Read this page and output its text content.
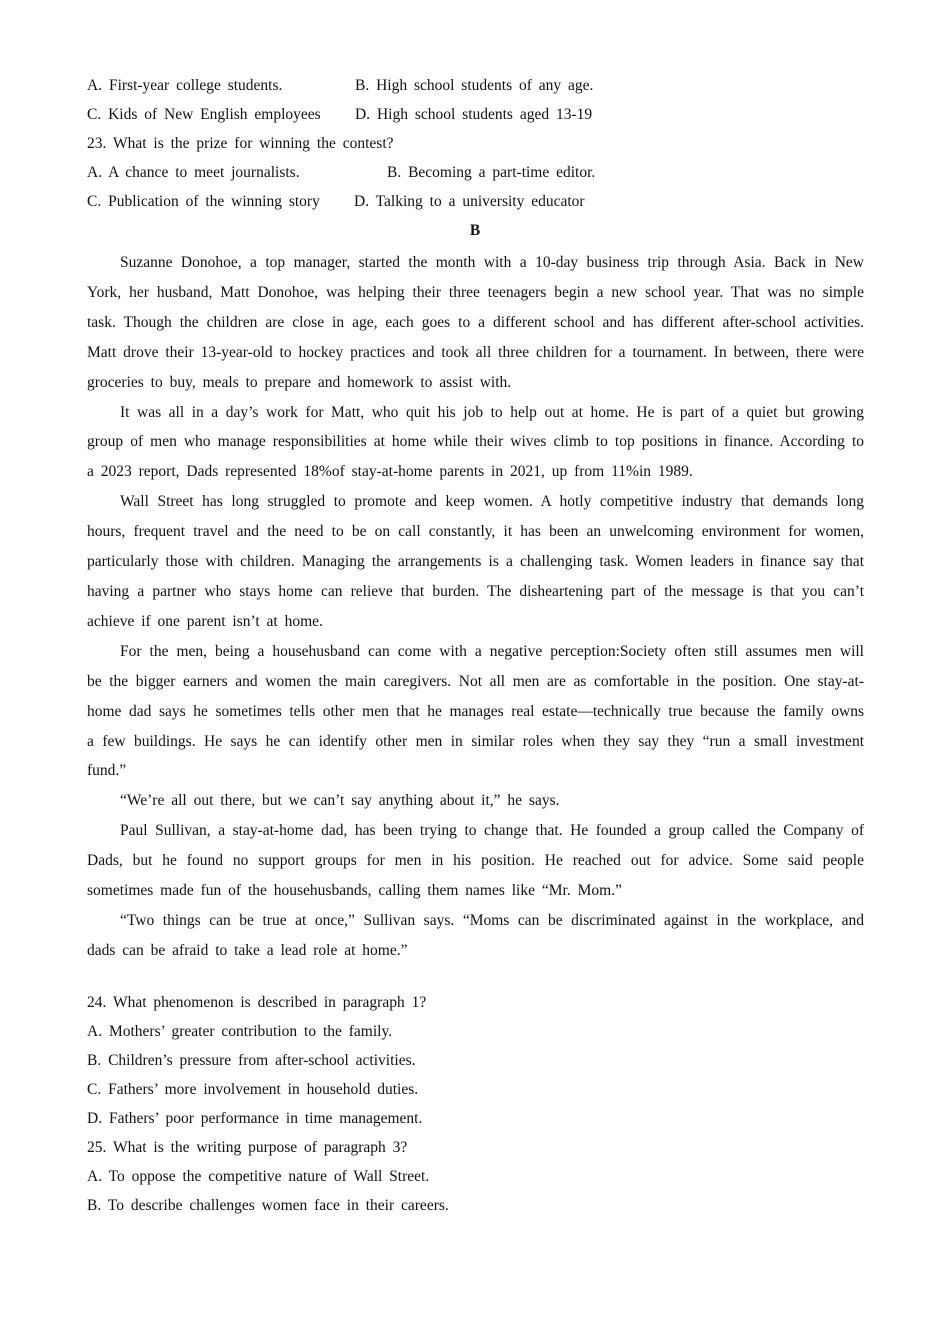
A. First-year college students.	B. High school students of any age.
C. Kids of New English employees D. High school students aged 13-19
23. What is the prize for winning the contest?
A. A chance to meet journalists.	B. Becoming a part-time editor.
C. Publication of the winning story D. Talking to a university educator
B

Suzanne Donohoe, a top manager, started the month with a 10-day business trip through Asia. Back in New York, her husband, Matt Donohoe, was helping their three teenagers begin a new school year. That was no simple task. Though the children are close in age, each goes to a different school and has different after-school activities. Matt drove their 13-year-old to hockey practices and took all three children for a tournament. In between, there were groceries to buy, meals to prepare and homework to assist with.

It was all in a day’s work for Matt, who quit his job to help out at home. He is part of a quiet but growing group of men who manage responsibilities at home while their wives climb to top positions in finance. According to a 2023 report, Dads represented 18%of stay-at-home parents in 2021, up from 11%in 1989.

Wall Street has long struggled to promote and keep women. A hotly competitive industry that demands long hours, frequent travel and the need to be on call constantly, it has been an unwelcoming environment for women, particularly those with children. Managing the arrangements is a challenging task. Women leaders in finance say that having a partner who stays home can relieve that burden. The disheartening part of the message is that you can’t achieve if one parent isn’t at home.

For the men, being a househusband can come with a negative perception:Society often still assumes men will be the bigger earners and women the main caregivers. Not all men are as comfortable in the position. One stay-at-home dad says he sometimes tells other men that he manages real estate—technically true because the family owns a few buildings. He says he can identify other men in similar roles when they say they “run a small investment fund.”

“We’re all out there, but we can’t say anything about it,” he says.

Paul Sullivan, a stay-at-home dad, has been trying to change that. He founded a group called the Company of Dads, but he found no support groups for men in his position. He reached out for advice. Some said people sometimes made fun of the househusbands, calling them names like “Mr. Mom.”

“Two things can be true at once,” Sullivan says. “Moms can be discriminated against in the workplace, and dads can be afraid to take a lead role at home.”

24. What phenomenon is described in paragraph 1?
A. Mothers’ greater contribution to the family.
B. Children’s pressure from after-school activities.
C. Fathers’ more involvement in household duties.
D. Fathers’ poor performance in time management.
25. What is the writing purpose of paragraph 3?
A. To oppose the competitive nature of Wall Street.
B. To describe challenges women face in their careers.
